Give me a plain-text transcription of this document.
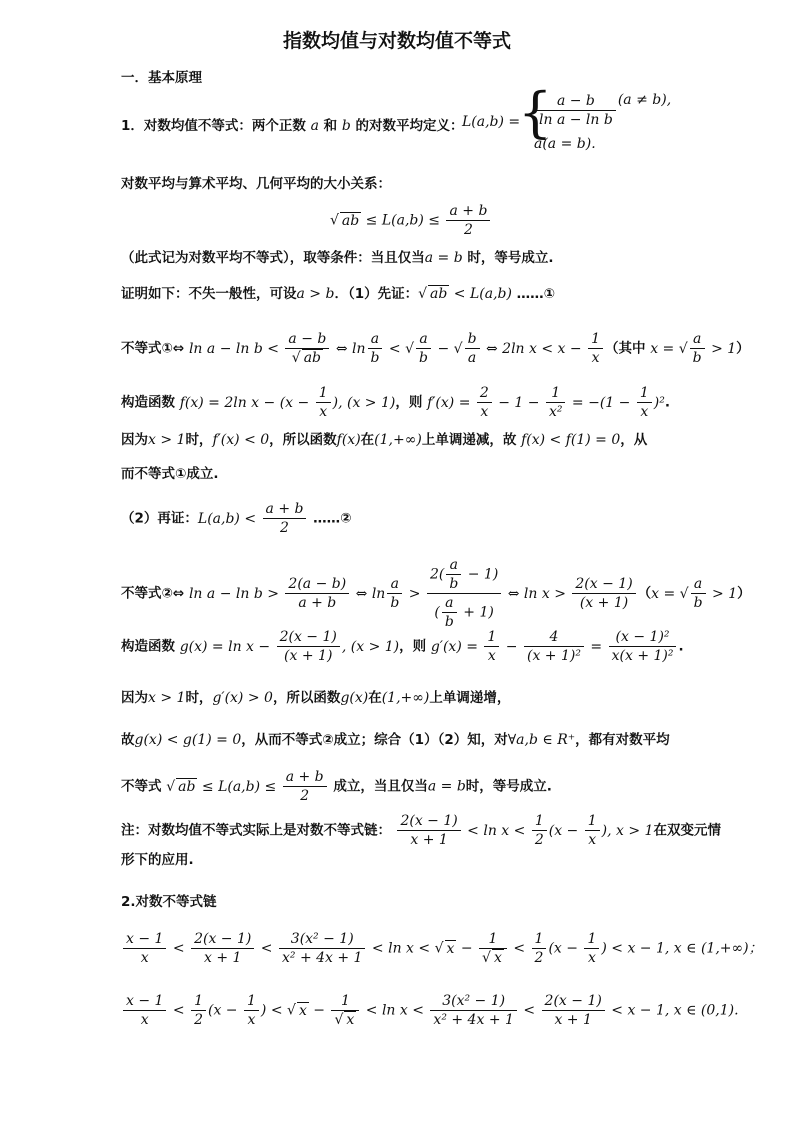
指数均值与对数均值不等式
一．基本原理
1．对数均值不等式：两个正数 a 和 b 的对数平均定义：
L(a,b) =
{
$\frac{a - b}{\text{ln a − ln b}} (a \ne b)$,
a(a = b).
对数平均与算术平均、几何平均的大小关系：
√ ab ≤ $L(a,b) \le \frac{a + b}{2}$
（此式记为对数平均不等式），取等条件：当且仅当a = b 时，等号成立.
证明如下：不失一般性，可设a > b．（1）先证：√ ab < L(a,b) ……①
不等式①⇔ $\ln a - \ln b < \frac{a - b}{√ ab}$ ⇔ $\ln \frac{a}{b}$ < √ $\frac{a}{b}$ − √ $\frac{b}{a}$ ⇔ 2ln $x < x - \frac{1}{x}$ （其中 x = √ $\frac{a}{b} > 1$）
构造函数 f(x) = 2ln $x - (x - \frac{1}{x}$ ), (x > 1)，则 $f'(x) = \frac{2}{x} - 1 - \frac{1}{\text{x²}} = -(1 - \frac{1}{x} )^2$.
因为x > 1时，f′(x) < 0，所以函数f(x)在(1,+∞)上单调递减，故 f(x) < f(1) = 0，从
而不等式①成立.
（2）再证：$L(a,b) < \frac{a + b}{2}$ ……②
不等式②⇔ $\ln a - \ln b > \frac{2(a - b)}{a + b}$ ⇔ $\ln \frac{a}{b} > \frac{2( \frac{a}{b} - 1)}{( \frac{a}{b} + 1)}$ ⇔ $\ln x > \frac{2(x - 1)}{(x + 1)} (x$ = √ $\frac{a}{b} > 1$）
构造函数 $g(x) = \ln x - \frac{2(x - 1)}{(x + 1)}$ , (x > 1)，则 $g'(x) = \frac{1}{x} - \frac{4}{\text{(x + 1)²}} = \frac{\text{(x − 1)²}}{\text{x(x + 1)²}}$ .
因为x > 1时，g′(x) > 0，所以函数g(x)在(1,+∞)上单调递增，
故g(x) < g(1) = 0，从而不等式②成立；综合（1）（2）知，对∀a,b ∈ R⁺，都有对数平均
不等式 √ ab ≤ $L(a,b) \le \frac{a + b}{2}$ 成立，当且仅当a = b时，等号成立.
注：对数均值不等式实际上是对数不等式链： $\frac{2(x - 1)}{x + 1} < \ln x < \frac{1}{2} (x - \frac{1}{x}$ ), x > 1在双变元情
形下的应用.
2.对数不等式链
$\frac{x - 1}{x} < \frac{2(x - 1)}{x + 1} < \frac{\text{3(x² − 1)}}{\text{x² + 4x + 1}} < \ln x$ < √ $x - \frac{1}{√ x} < \frac{1}{2} (x - \frac{1}{x}$ ) < x − 1, x ∈ (1,+∞)；
$\frac{x - 1}{x} < \frac{1}{2} (x - \frac{1}{x}$ ) < √ $x - \frac{1}{√ x} < \ln x < \frac{\text{3(x² − 1)}}{\text{x² + 4x + 1}} < \frac{2(x - 1)}{x + 1} < x - 1$, x ∈ (0,1).
